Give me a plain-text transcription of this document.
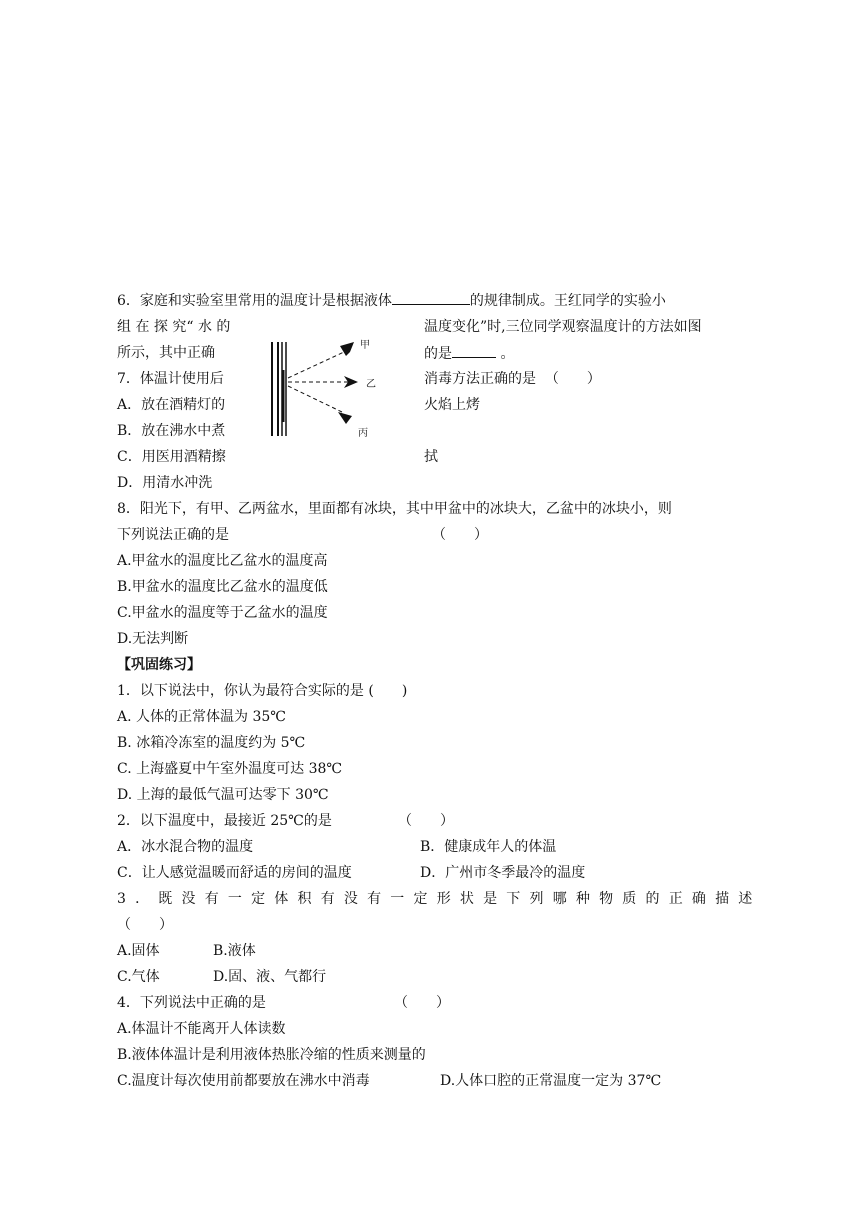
6．家庭和实验室里常用的温度计是根据液体	的规律制成。王红同学的实验小
组 在 探 究“ 水 的	温度变化”时,三位同学观察温度计的方法如图
所示，其中正确	的是	。
甲
乙
丙
7．体温计使用后	消毒方法正确的是 （　　）
A．放在酒精灯的	火焰上烤
B．放在沸水中煮
C．用医用酒精擦	拭
D．用清水冲洗
8．阳光下，有甲、乙两盆水，里面都有冰块，其中甲盆中的冰块大，乙盆中的冰块小，则
下列说法正确的是	（　　）
A.甲盆水的温度比乙盆水的温度高
B.甲盆水的温度比乙盆水的温度低
C.甲盆水的温度等于乙盆水的温度
D.无法判断
【巩固练习】
1．以下说法中，你认为最符合实际的是 (　　)
A. 人体的正常体温为 35℃
B. 冰箱冷冻室的温度约为 5℃
C. 上海盛夏中午室外温度可达 38℃
D. 上海的最低气温可达零下 30℃
2．以下温度中，最接近 25℃的是	（　　）
A．冰水混合物的温度	B．健康成年人的体温
C．让人感觉温暖而舒适的房间的温度	D．广州市冬季最冷的温度
3．既没有一定体积有没有一定形状是下列哪种物质的正确描述
（　　）
A.固体	B.液体
C.气体	D.固、液、气都行
4．下列说法中正确的是	（　　）
A.体温计不能离开人体读数
B.液体体温计是利用液体热胀冷缩的性质来测量的
C.温度计每次使用前都要放在沸水中消毒	D.人体口腔的正常温度一定为 37℃
